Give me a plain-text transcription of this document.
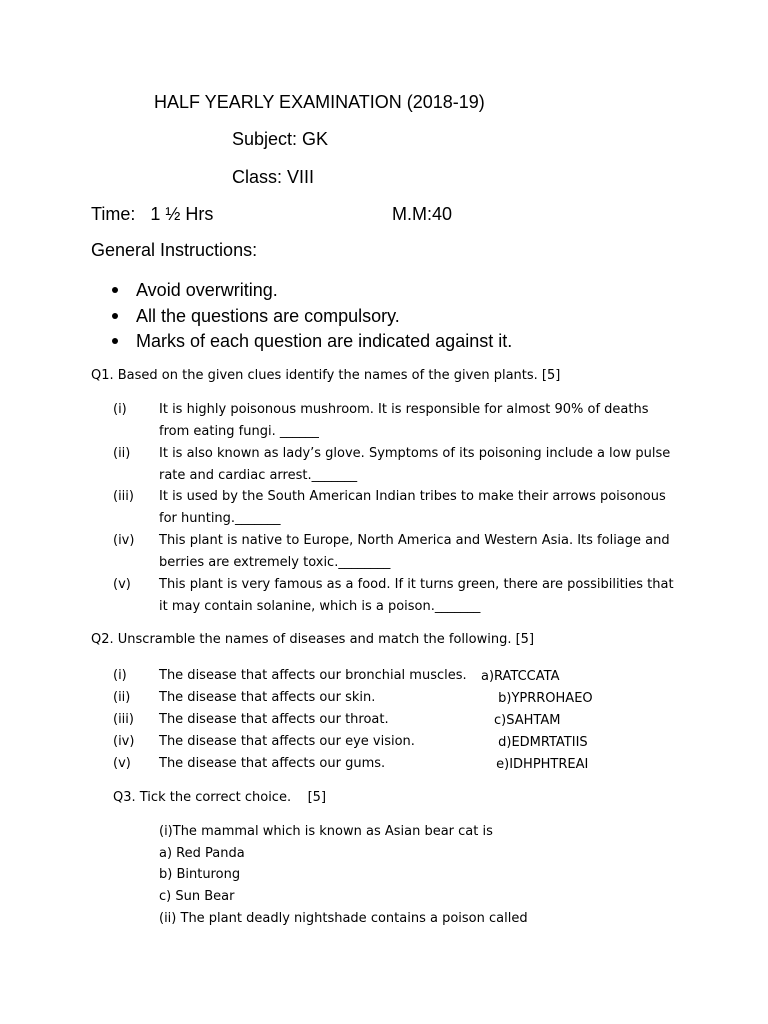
HALF YEARLY EXAMINATION (2018-19)
Subject: GK
Class: VIII
Time:   1 ½ Hrs	M.M:40
General Instructions:
Avoid overwriting.
All the questions are compulsory.
Marks of each question are indicated against it.
Q1. Based on the given clues identify the names of the given plants. [5]
(i) It is highly poisonous mushroom. It is responsible for almost 90% of deaths from eating fungi. ______
(ii) It is also known as lady’s glove. Symptoms of its poisoning include a low pulse rate and cardiac arrest._______
(iii) It is used by the South American Indian tribes to make their arrows poisonous for hunting._______
(iv) This plant is native to Europe, North America and Western Asia. Its foliage and berries are extremely toxic.________
(v) This plant is very famous as a food. If it turns green, there are possibilities that it may contain solanine, which is a poison._______
Q2. Unscramble the names of diseases and match the following. [5]
(i) The disease that affects our bronchial muscles.	a)RATCCATA
(ii) The disease that affects our skin.	b)YPRROHAEO
(iii) The disease that affects our throat.	c)SAHTAM
(iv) The disease that affects our eye vision.	d)EDMRTATIIS
(v) The disease that affects our gums.	e)IDHPHTREAI
Q3. Tick the correct choice.    [5]
(i)The mammal which is known as Asian bear cat is
a) Red Panda
b) Binturong
c) Sun Bear
(ii) The plant deadly nightshade contains a poison called
